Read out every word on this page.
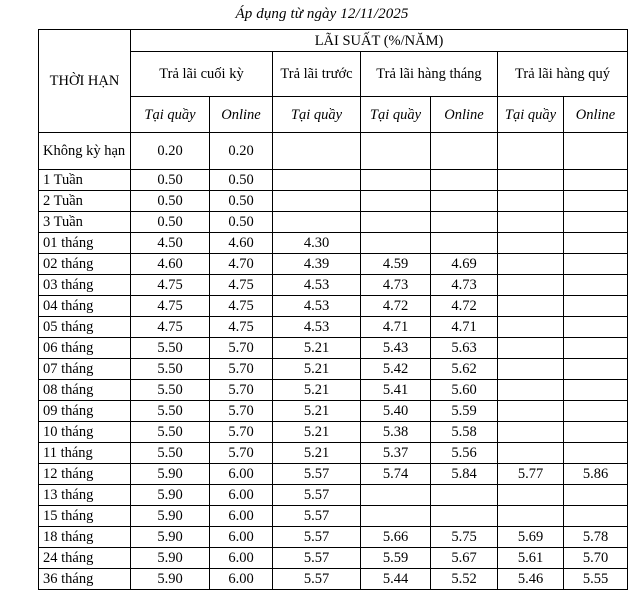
Áp dụng từ ngày 12/11/2025
THỜI HẠN	LÃI SUẤT (%/NĂM)						
	Trả lãi cuối kỳ		Trả lãi trước	Trả lãi hàng tháng		Trả lãi hàng quý	
	Tại quầy	Online	Tại quầy	Tại quầy	Online	Tại quầy	Online
Không kỳ hạn	0.20	0.20					
1 Tuần	0.50	0.50					
2 Tuần	0.50	0.50					
3 Tuần	0.50	0.50					
01 tháng	4.50	4.60	4.30				
02 tháng	4.60	4.70	4.39	4.59	4.69		
03 tháng	4.75	4.75	4.53	4.73	4.73		
04 tháng	4.75	4.75	4.53	4.72	4.72		
05 tháng	4.75	4.75	4.53	4.71	4.71		
06 tháng	5.50	5.70	5.21	5.43	5.63		
07 tháng	5.50	5.70	5.21	5.42	5.62		
08 tháng	5.50	5.70	5.21	5.41	5.60		
09 tháng	5.50	5.70	5.21	5.40	5.59		
10 tháng	5.50	5.70	5.21	5.38	5.58		
11 tháng	5.50	5.70	5.21	5.37	5.56		
12 tháng	5.90	6.00	5.57	5.74	5.84	5.77	5.86
13 tháng	5.90	6.00	5.57				
15 tháng	5.90	6.00	5.57				
18 tháng	5.90	6.00	5.57	5.66	5.75	5.69	5.78
24 tháng	5.90	6.00	5.57	5.59	5.67	5.61	5.70
36 tháng	5.90	6.00	5.57	5.44	5.52	5.46	5.55
